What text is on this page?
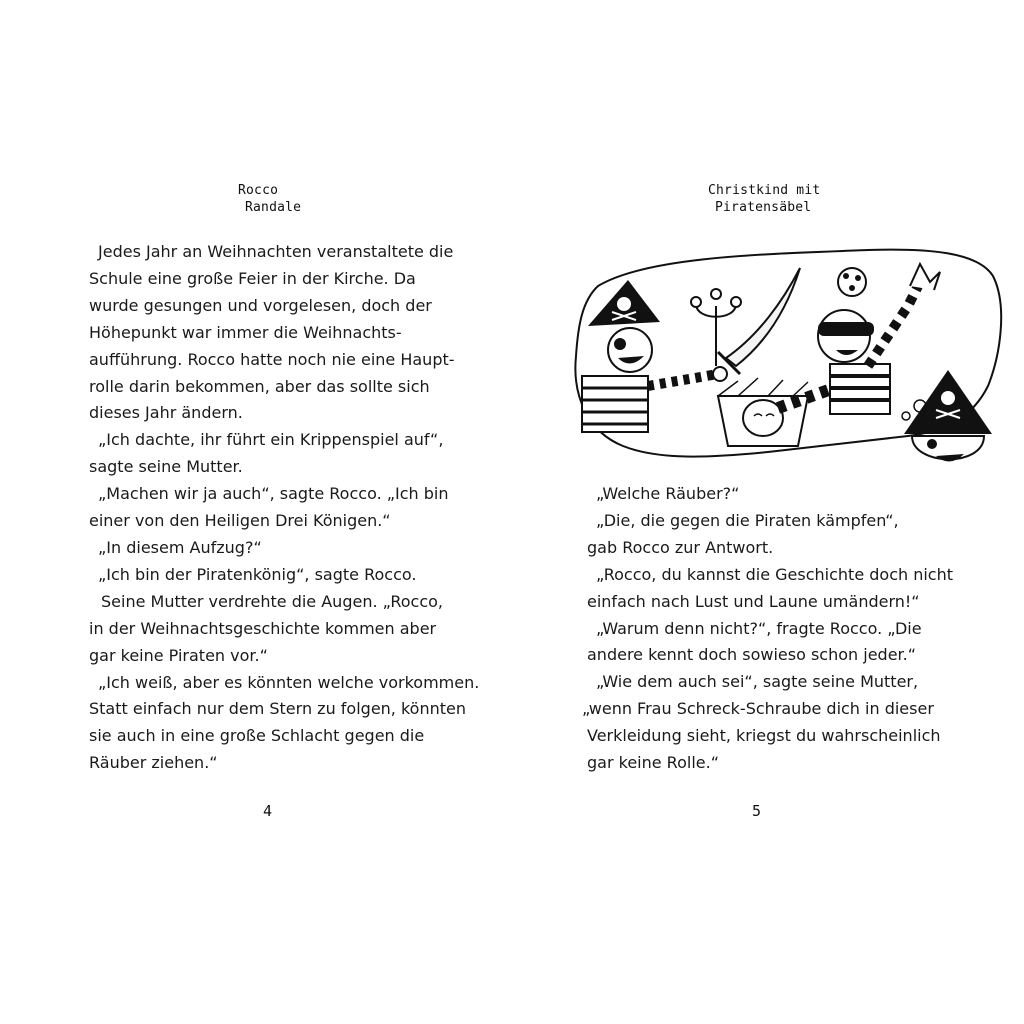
Rocco
Randale
Jedes Jahr an Weihnachten veranstaltete die
Schule eine große Feier in der Kirche. Da
wurde gesungen und vorgelesen, doch der
Höhepunkt war immer die Weihnachts-
aufführung. Rocco hatte noch nie eine Haupt-
rolle darin bekommen, aber das sollte sich
dieses Jahr ändern.
„Ich dachte, ihr führt ein Krippenspiel auf“,
sagte seine Mutter.
„Machen wir ja auch“, sagte Rocco. „Ich bin
einer von den Heiligen Drei Königen.“
„In diesem Aufzug?“
„Ich bin der Piratenkönig“, sagte Rocco.
Seine Mutter verdrehte die Augen. „Rocco,
in der Weihnachtsgeschichte kommen aber
gar keine Piraten vor.“
„Ich weiß, aber es könnten welche vorkommen.
Statt einfach nur dem Stern zu folgen, könnten
sie auch in eine große Schlacht gegen die
Räuber ziehen.“
4
Christkind mit
Piratensäbel
„Welche Räuber?“
„Die, die gegen die Piraten kämpfen“,
gab Rocco zur Antwort.
„Rocco, du kannst die Geschichte doch nicht
einfach nach Lust und Laune umändern!“
„Warum denn nicht?“, fragte Rocco. „Die
andere kennt doch sowieso schon jeder.“
„Wie dem auch sei“, sagte seine Mutter,
„wenn Frau Schreck-Schraube dich in dieser
Verkleidung sieht, kriegst du wahrscheinlich
gar keine Rolle.“
5
